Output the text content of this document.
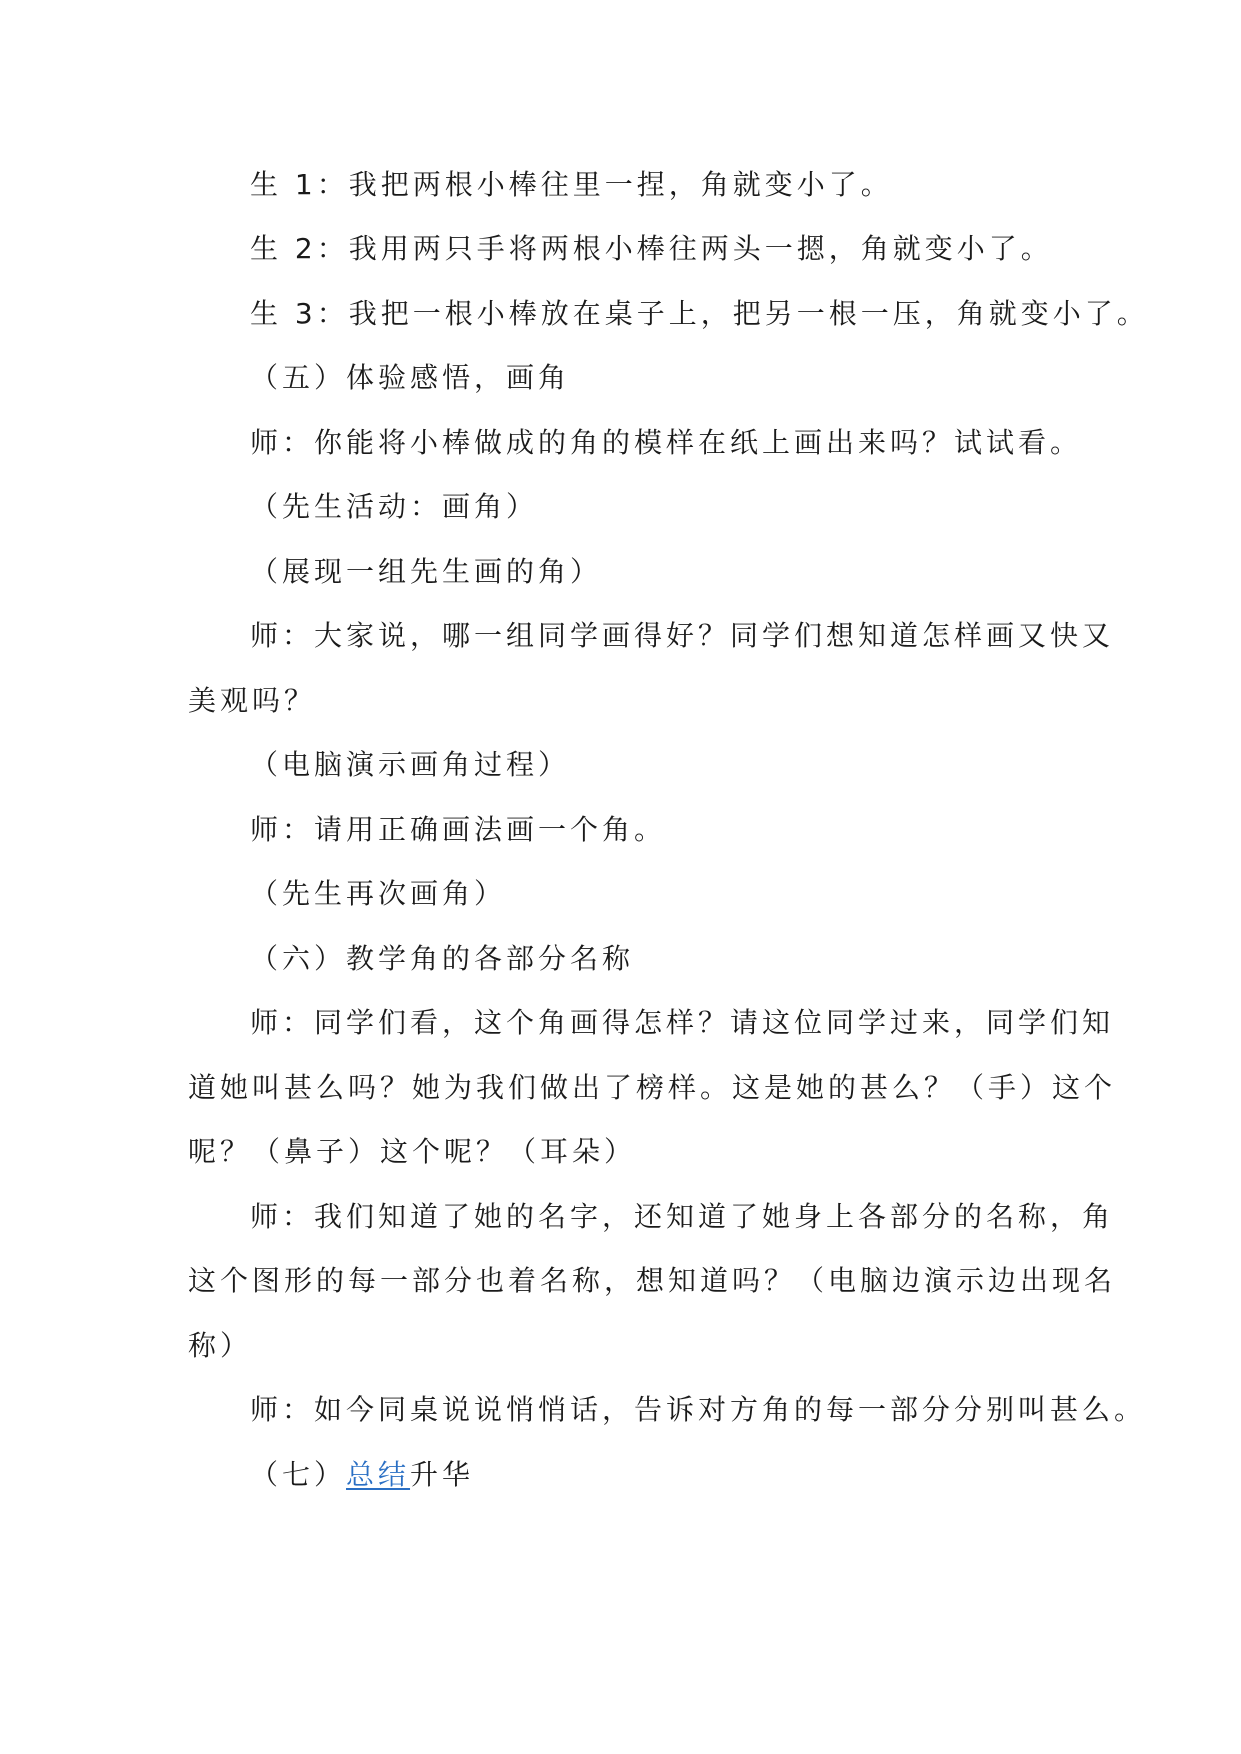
生 1：我把两根小棒往里一捏，角就变小了。
生 2：我用两只手将两根小棒往两头一摁，角就变小了。
生 3：我把一根小棒放在桌子上，把另一根一压，角就变小了。
（五）体验感悟，画角
师：你能将小棒做成的角的模样在纸上画出来吗？试试看。
（先生活动：画角）
（展现一组先生画的角）
师：大家说，哪一组同学画得好？同学们想知道怎样画又快又
美观吗？
（电脑演示画角过程）
师：请用正确画法画一个角。
（先生再次画角）
（六）教学角的各部分名称
师：同学们看，这个角画得怎样？请这位同学过来，同学们知
道她叫甚么吗？她为我们做出了榜样。这是她的甚么？（手）这个
呢？（鼻子）这个呢？（耳朵）
师：我们知道了她的名字，还知道了她身上各部分的名称，角
这个图形的每一部分也着名称，想知道吗？（电脑边演示边出现名
称）
师：如今同桌说说悄悄话，告诉对方角的每一部分分别叫甚么。
（七）总结升华
